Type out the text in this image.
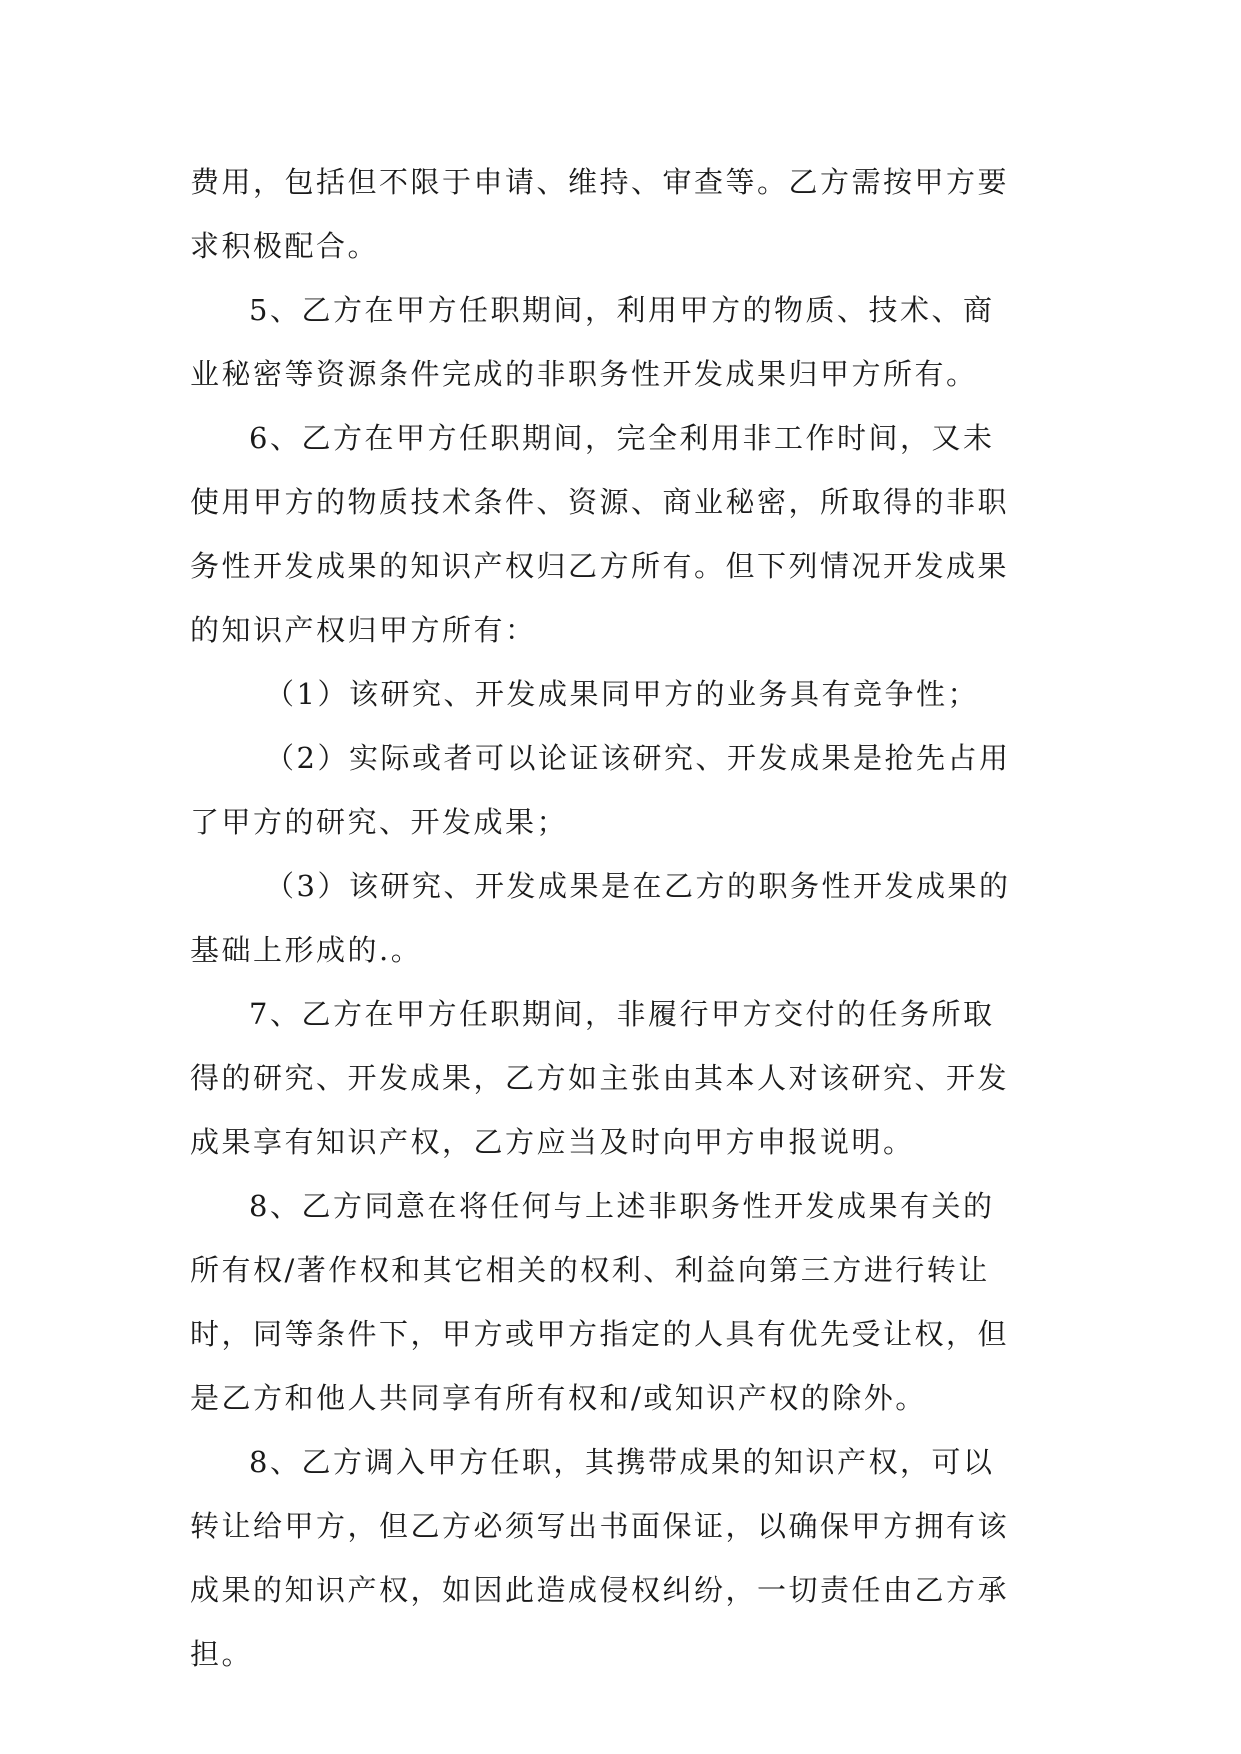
费用，包括但不限于申请、维持、审查等。乙方需按甲方要
求积极配合。
5、乙方在甲方任职期间，利用甲方的物质、技术、商
业秘密等资源条件完成的非职务性开发成果归甲方所有。
6、乙方在甲方任职期间，完全利用非工作时间，又未
使用甲方的物质技术条件、资源、商业秘密，所取得的非职
务性开发成果的知识产权归乙方所有。但下列情况开发成果
的知识产权归甲方所有：
（1）该研究、开发成果同甲方的业务具有竞争性；
（2）实际或者可以论证该研究、开发成果是抢先占用
了甲方的研究、开发成果；
（3）该研究、开发成果是在乙方的职务性开发成果的
基础上形成的.。
7、乙方在甲方任职期间，非履行甲方交付的任务所取
得的研究、开发成果，乙方如主张由其本人对该研究、开发
成果享有知识产权，乙方应当及时向甲方申报说明。
8、乙方同意在将任何与上述非职务性开发成果有关的
所有权/著作权和其它相关的权利、利益向第三方进行转让
时，同等条件下，甲方或甲方指定的人具有优先受让权，但
是乙方和他人共同享有所有权和/或知识产权的除外。
8、乙方调入甲方任职，其携带成果的知识产权，可以
转让给甲方，但乙方必须写出书面保证，以确保甲方拥有该
成果的知识产权，如因此造成侵权纠纷，一切责任由乙方承
担。
